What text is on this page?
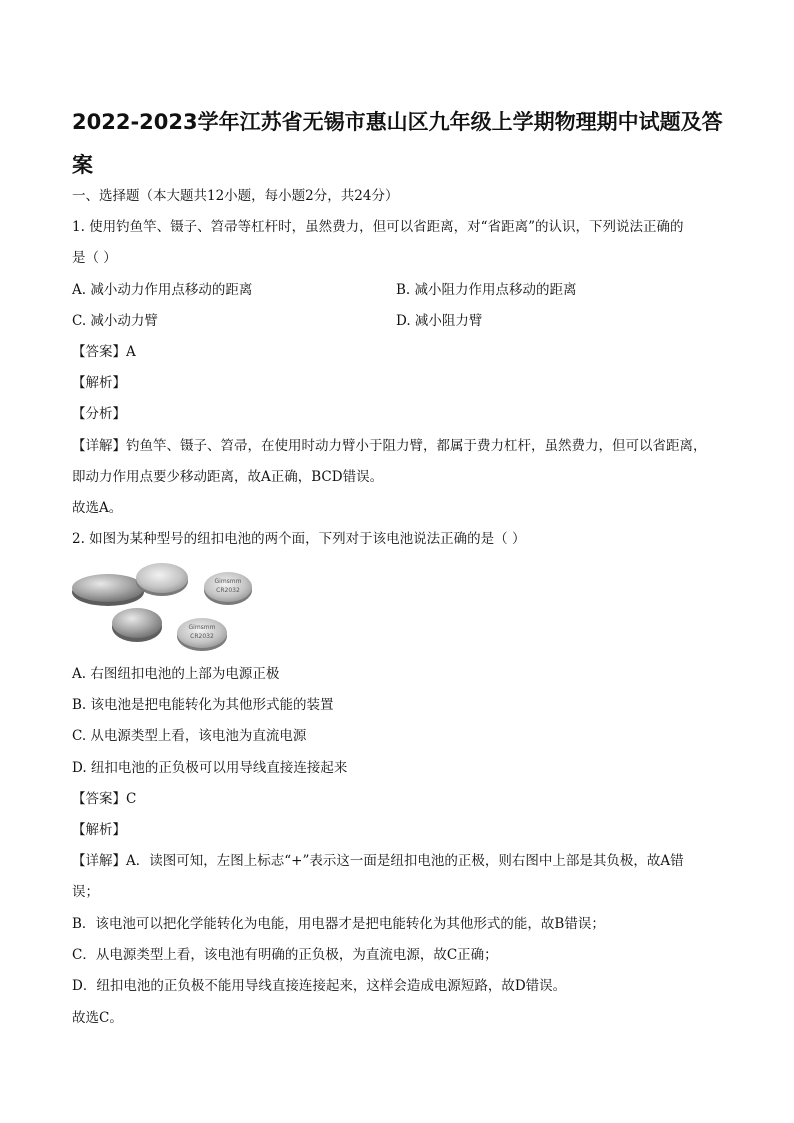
2022-2023学年江苏省无锡市惠山区九年级上学期物理期中试题及答案
一、选择题（本大题共12小题，每小题2分，共24分）
1. 使用钓鱼竿、镊子、笤帚等杠杆时，虽然费力，但可以省距离，对“省距离”的认识，下列说法正确的
是（ ）
A. 减小动力作用点移动的距离	B. 减小阻力作用点移动的距离
C. 减小动力臂	D. 减小阻力臂
【答案】A
【解析】
【分析】
【详解】钓鱼竿、镊子、笤帚，在使用时动力臂小于阻力臂，都属于费力杠杆，虽然费力，但可以省距离，
即动力作用点要少移动距离，故A正确，BCD错误。
故选A。
2. 如图为某种型号的纽扣电池的两个面，下列对于该电池说法正确的是（ ）
Gimsmm
CR2032
Gimsmm
CR2032
A. 右图纽扣电池的上部为电源正极
B. 该电池是把电能转化为其他形式能的装置
C. 从电源类型上看，该电池为直流电源
D. 纽扣电池的正负极可以用导线直接连接起来
【答案】C
【解析】
【详解】A．读图可知，左图上标志“+”表示这一面是纽扣电池的正极，则右图中上部是其负极，故A错
误；
B．该电池可以把化学能转化为电能，用电器才是把电能转化为其他形式的能，故B错误；
C．从电源类型上看，该电池有明确的正负极，为直流电源，故C正确；
D．纽扣电池的正负极不能用导线直接连接起来，这样会造成电源短路，故D错误。
故选C。
